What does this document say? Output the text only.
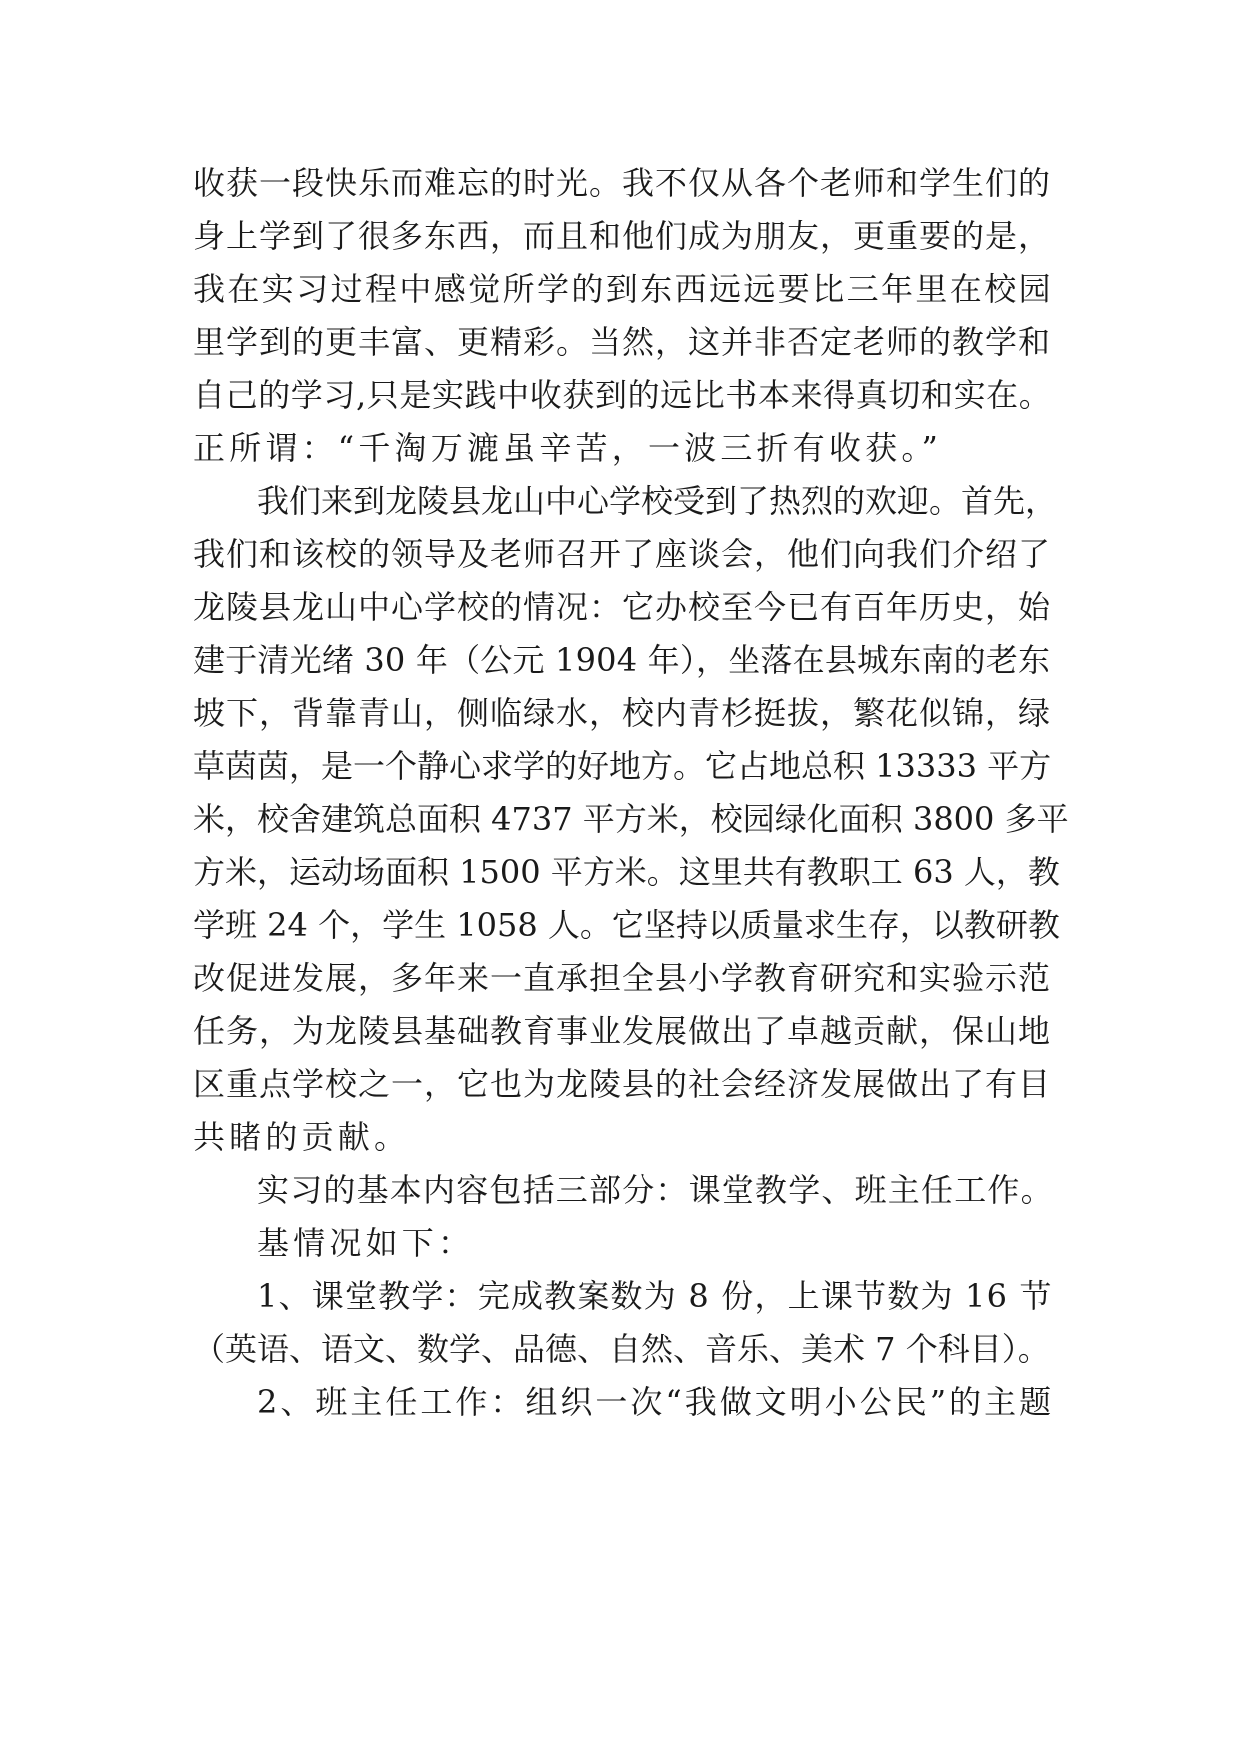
收获一段快乐而难忘的时光。我不仅从各个老师和学生们的
身上学到了很多东西，而且和他们成为朋友，更重要的是，
我在实习过程中感觉所学的到东西远远要比三年里在校园
里学到的更丰富、更精彩。当然，这并非否定老师的教学和
自己的学习,只是实践中收获到的远比书本来得真切和实在。
正所谓：“千淘万漉虽辛苦，一波三折有收获。”
我们来到龙陵县龙山中心学校受到了热烈的欢迎。首先，
我们和该校的领导及老师召开了座谈会，他们向我们介绍了
龙陵县龙山中心学校的情况：它办校至今已有百年历史，始
建于清光绪 30 年（公元 1904 年），坐落在县城东南的老东
坡下，背靠青山，侧临绿水，校内青杉挺拔，繁花似锦，绿
草茵茵，是一个静心求学的好地方。它占地总积 13333 平方
米，校舍建筑总面积 4737 平方米，校园绿化面积 3800 多平
方米，运动场面积 1500 平方米。这里共有教职工 63 人，教
学班 24 个，学生 1058 人。它坚持以质量求生存，以教研教
改促进发展，多年来一直承担全县小学教育研究和实验示范
任务，为龙陵县基础教育事业发展做出了卓越贡献，保山地
区重点学校之一，它也为龙陵县的社会经济发展做出了有目
共睹的贡献。
实习的基本内容包括三部分：课堂教学、班主任工作。
基情况如下：
1、课堂教学：完成教案数为 8 份，上课节数为 16 节
（英语、语文、数学、品德、自然、音乐、美术 7 个科目）。
2、班主任工作：组织一次“我做文明小公民”的主题
